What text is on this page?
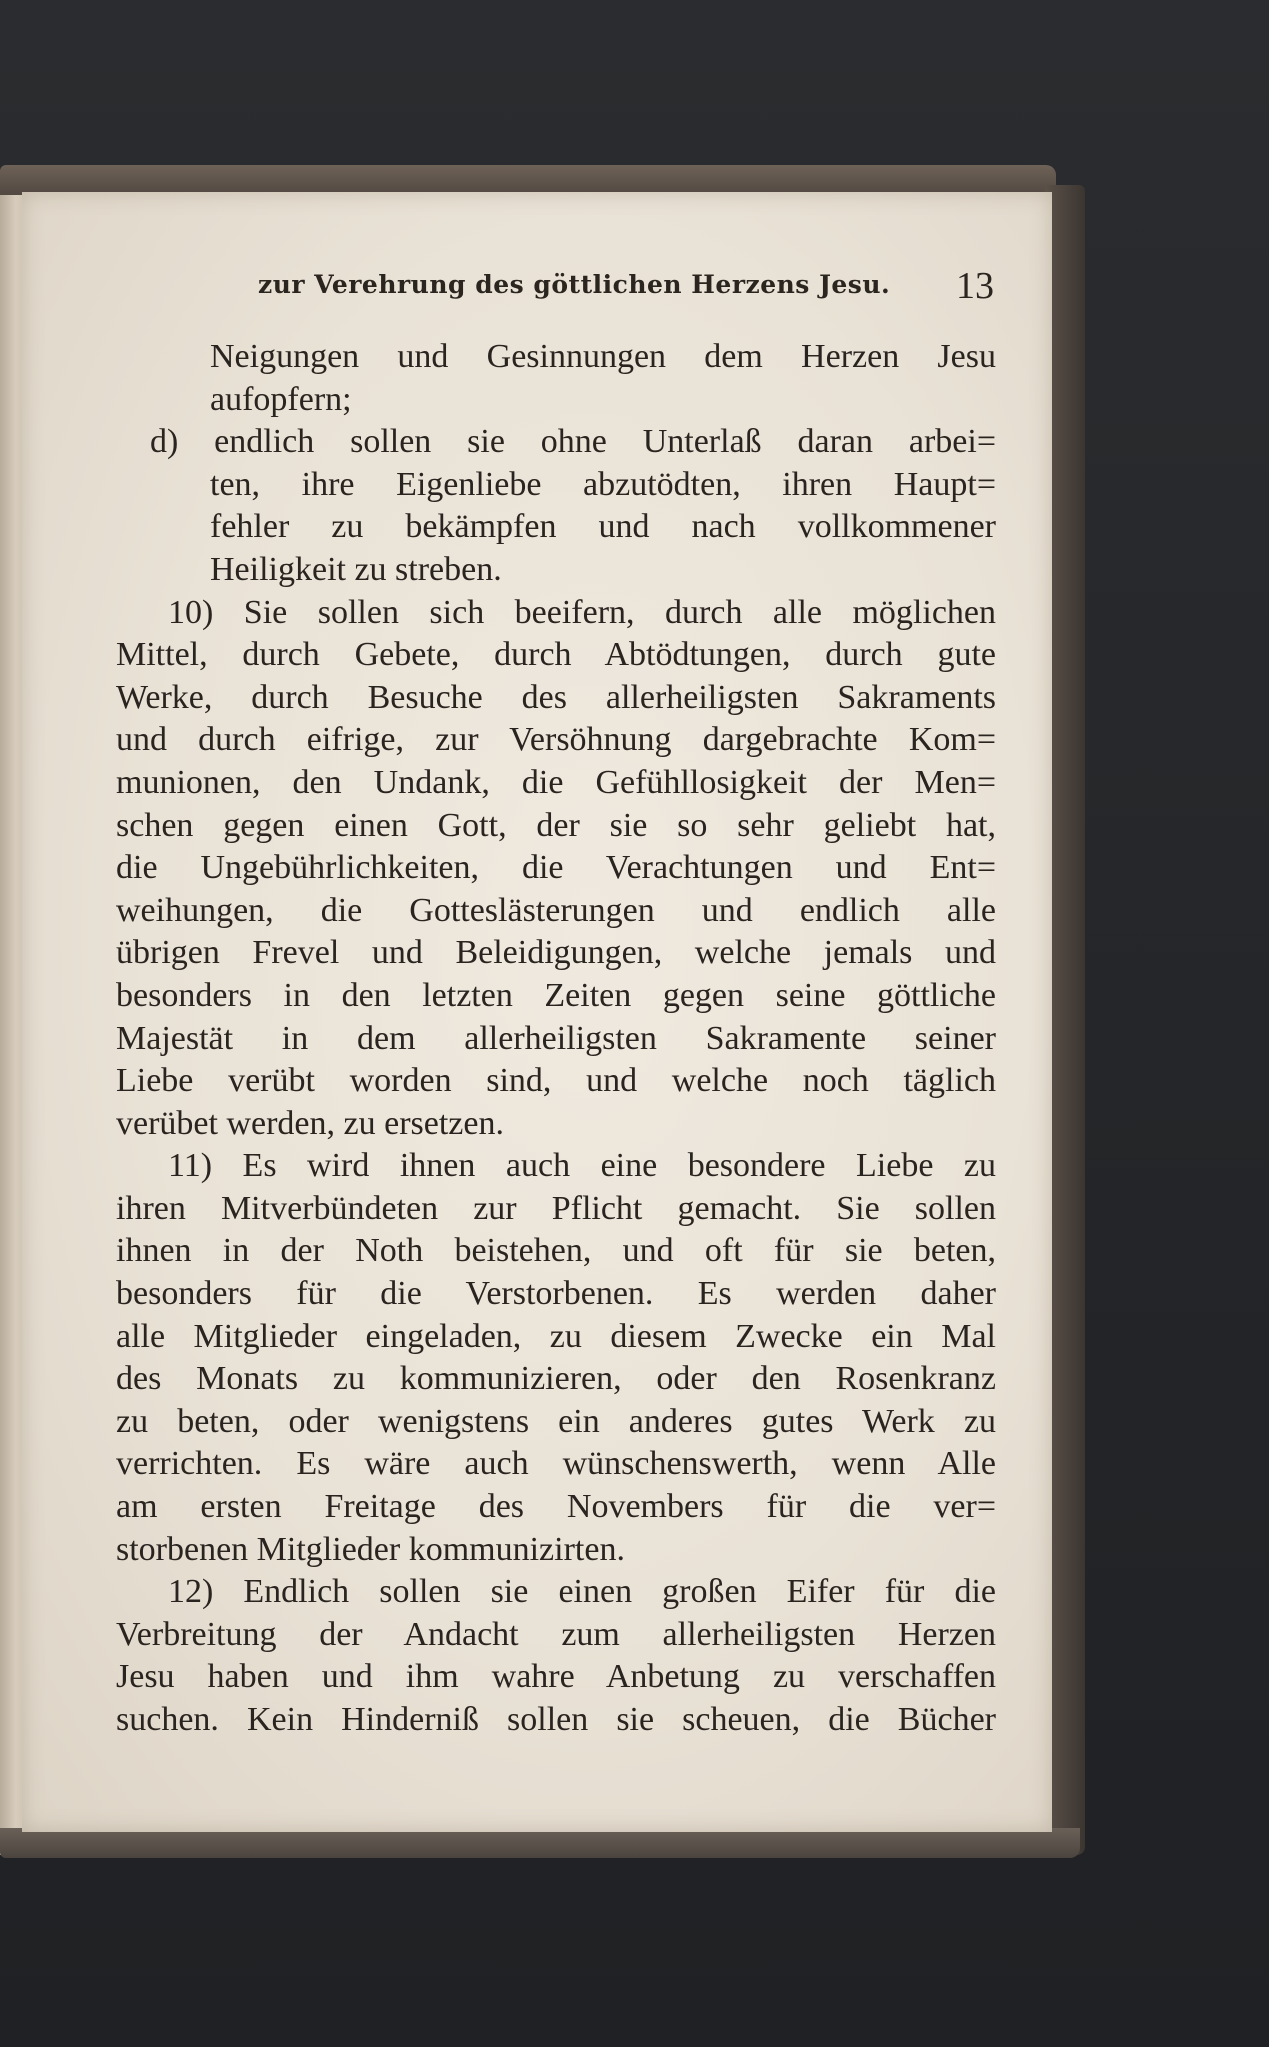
zur Verehrung des göttlichen Herzens Jesu. 13
Neigungen und Gesinnungen dem Herzen Jesu
aufopfern;
d) endlich sollen sie ohne Unterlaß daran arbei=
ten, ihre Eigenliebe abzutödten, ihren Haupt=
fehler zu bekämpfen und nach vollkommener
Heiligkeit zu streben.
10) Sie sollen sich beeifern, durch alle möglichen
Mittel, durch Gebete, durch Abtödtungen, durch gute
Werke, durch Besuche des allerheiligsten Sakraments
und durch eifrige, zur Versöhnung dargebrachte Kom=
munionen, den Undank, die Gefühllosigkeit der Men=
schen gegen einen Gott, der sie so sehr geliebt hat,
die Ungebührlichkeiten, die Verachtungen und Ent=
weihungen, die Gotteslästerungen und endlich alle
übrigen Frevel und Beleidigungen, welche jemals und
besonders in den letzten Zeiten gegen seine göttliche
Majestät in dem allerheiligsten Sakramente seiner
Liebe verübt worden sind, und welche noch täglich
verübet werden, zu ersetzen.
11) Es wird ihnen auch eine besondere Liebe zu
ihren Mitverbündeten zur Pflicht gemacht. Sie sollen
ihnen in der Noth beistehen, und oft für sie beten,
besonders für die Verstorbenen. Es werden daher
alle Mitglieder eingeladen, zu diesem Zwecke ein Mal
des Monats zu kommunizieren, oder den Rosenkranz
zu beten, oder wenigstens ein anderes gutes Werk zu
verrichten. Es wäre auch wünschenswerth, wenn Alle
am ersten Freitage des Novembers für die ver=
storbenen Mitglieder kommunizirten.
12) Endlich sollen sie einen großen Eifer für die
Verbreitung der Andacht zum allerheiligsten Herzen
Jesu haben und ihm wahre Anbetung zu verschaffen
suchen. Kein Hinderniß sollen sie scheuen, die Bücher
